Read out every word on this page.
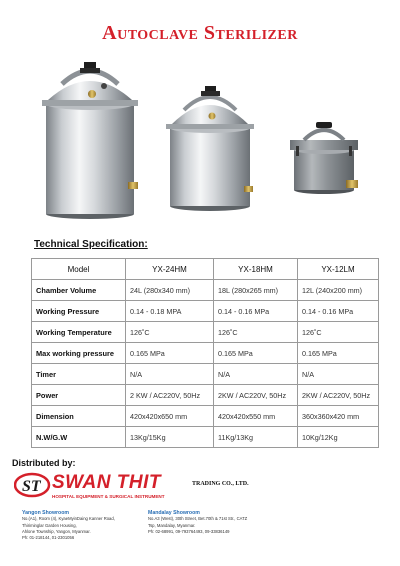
Autoclave Sterilizer
Technical Specification:
Model	YX-24HM	YX-18HM	YX-12LM
Chamber Volume	24L (280x340 mm)	18L (280x265 mm)	12L (240x200 mm)
Working Pressure	0.14 - 0.18 MPA	0.14 - 0.16 MPa	0.14 - 0.16 MPa
Working Temperature	126˚C	126˚C	126˚C
Max working pressure	0.165 MPa	0.165 MPa	0.165 MPa
Timer	N/A	N/A	N/A
Power	2 KW / AC220V, 50Hz	2KW / AC220V, 50Hz	2KW / AC220V, 50Hz
Dimension	420x420x650 mm	420x420x550 mm	360x360x420 mm
N.W/G.W	13Kg/15Kg	11Kg/13Kg	10Kg/12Kg
Distributed by:
ST SWAN THIT
HOSPITAL EQUIPMENT & SURGICAL INSTRUMENT
TRADING CO., LTD.
Yangon Showroom
No.(A1), Room (4), KyaeMyinDaing Kanner Road,
Thiriminglar Garden Housing,
Ahlone Township, Yangon, Myanmar.
Ph: 01-218144, 01-2301056
Mandalay Showroom
No.A3 (West), 30th Street, Bet.70th & 71st Str., CATZ
Tsp, Mandalay, Myanmar.
Ph: 02-68991, 09-793764493, 09-33836149
